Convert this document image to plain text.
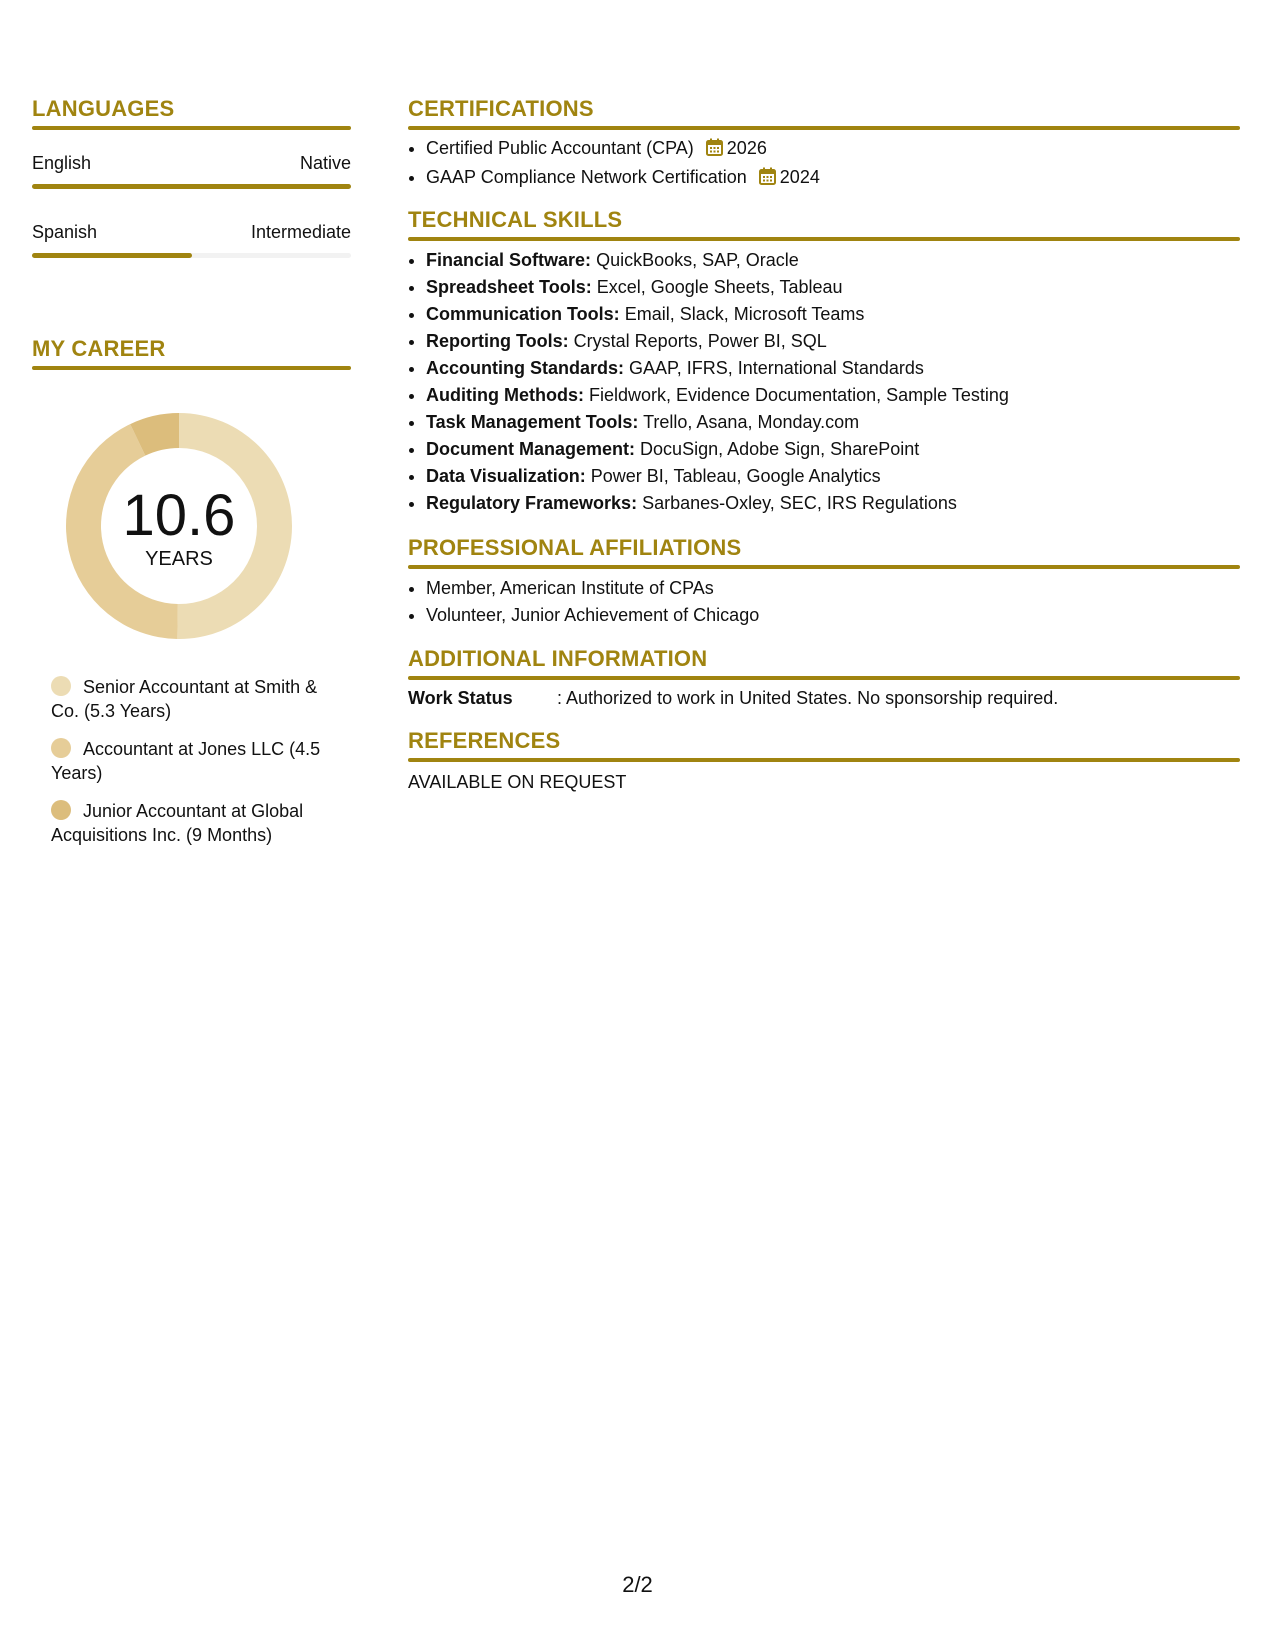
LANGUAGES
English	Native
Spanish	Intermediate
MY CAREER
10.6
YEARS
Senior Accountant at Smith & Co. (5.3 Years)
Accountant at Jones LLC (4.5 Years)
Junior Accountant at Global Acquisitions Inc. (9 Months)
CERTIFICATIONS
• Certified Public Accountant (CPA) 2026
• GAAP Compliance Network Certification 2024
TECHNICAL SKILLS
• Financial Software: QuickBooks, SAP, Oracle
• Spreadsheet Tools: Excel, Google Sheets, Tableau
• Communication Tools: Email, Slack, Microsoft Teams
• Reporting Tools: Crystal Reports, Power BI, SQL
• Accounting Standards: GAAP, IFRS, International Standards
• Auditing Methods: Fieldwork, Evidence Documentation, Sample Testing
• Task Management Tools: Trello, Asana, Monday.com
• Document Management: DocuSign, Adobe Sign, SharePoint
• Data Visualization: Power BI, Tableau, Google Analytics
• Regulatory Frameworks: Sarbanes-Oxley, SEC, IRS Regulations
PROFESSIONAL AFFILIATIONS
• Member, American Institute of CPAs
• Volunteer, Junior Achievement of Chicago
ADDITIONAL INFORMATION
Work Status : Authorized to work in United States. No sponsorship required.
REFERENCES
AVAILABLE ON REQUEST
2/2
